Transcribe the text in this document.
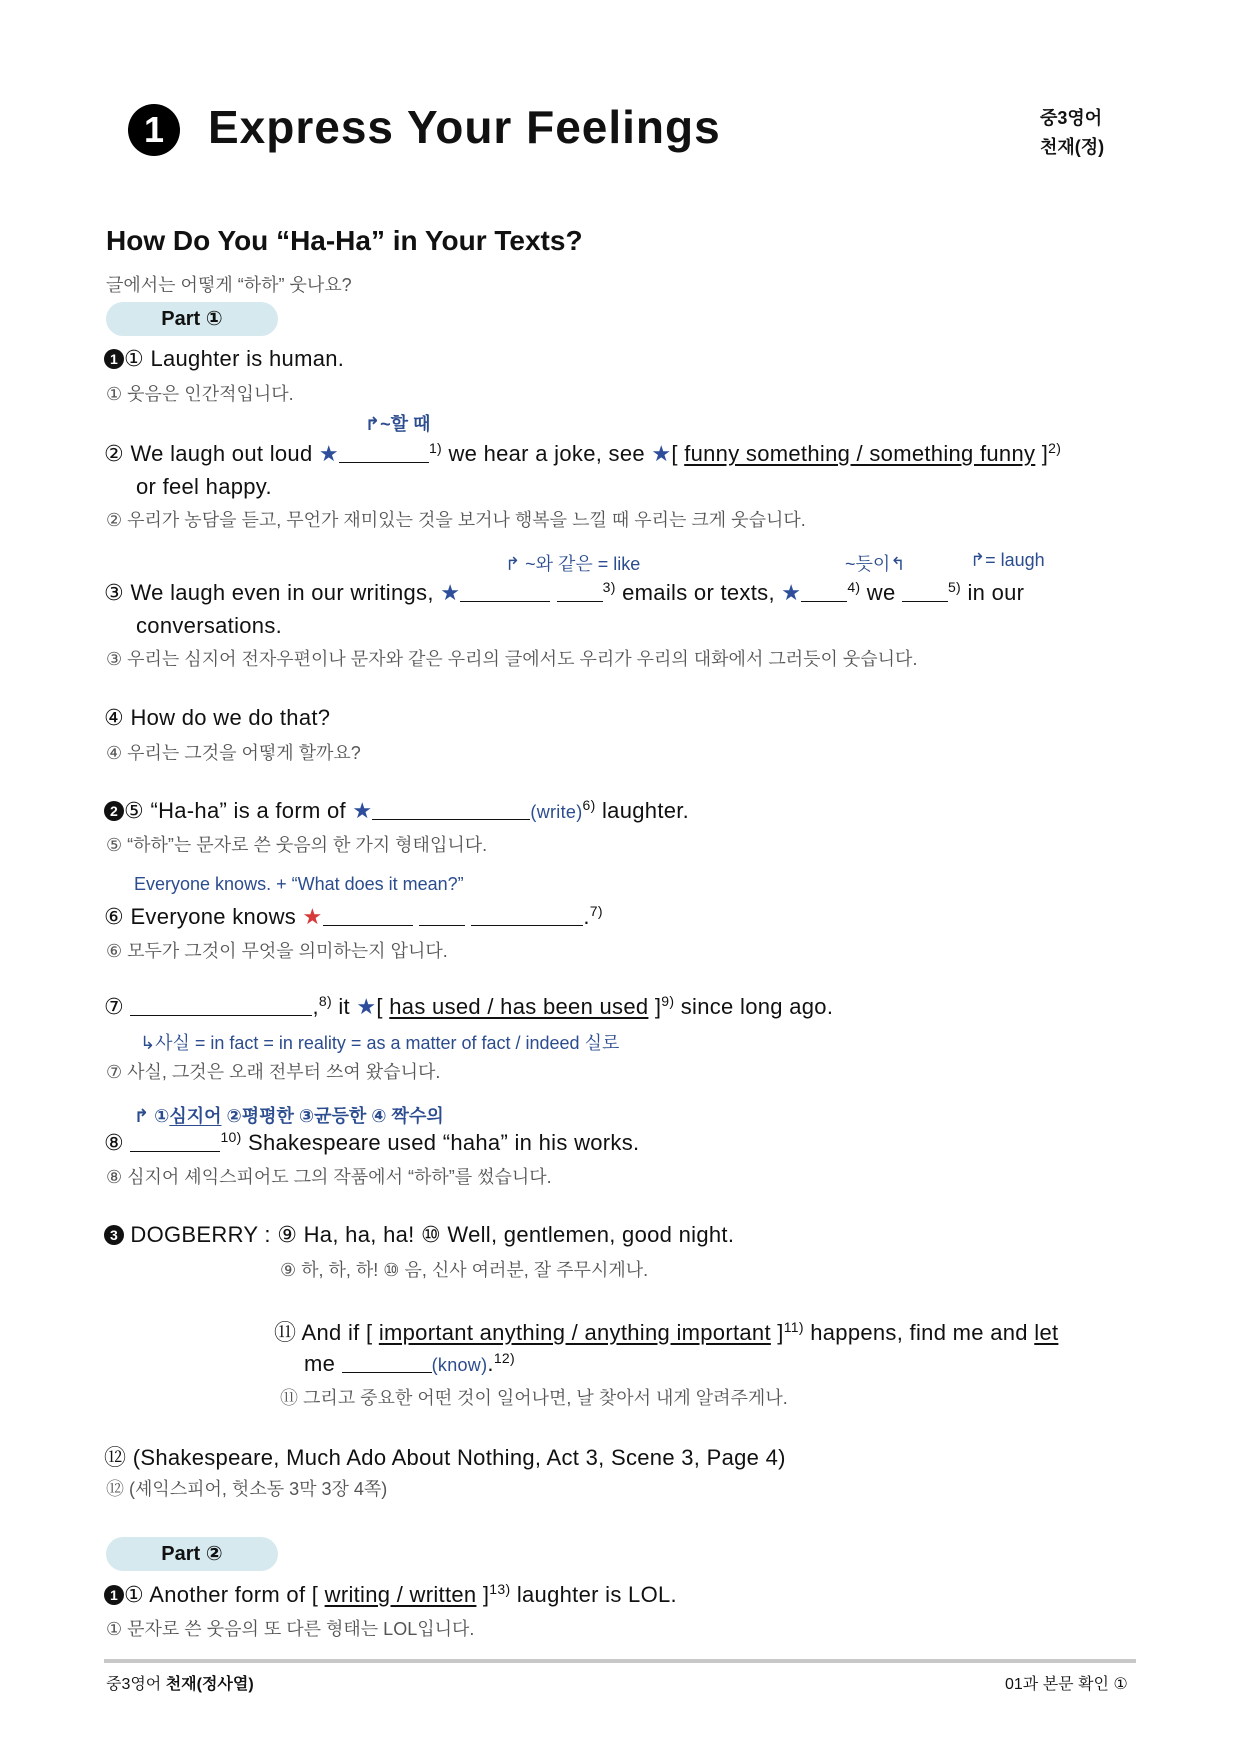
1 Express Your Feelings	중3영어
천재(정)
How Do You “Ha-Ha” in Your Texts?
글에서는 어떻게 “하하” 웃나요?
Part ①
1 ① Laughter is human.
① 웃음은 인간적입니다.
↱~할 때
② We laugh out loud ★	$^{1)}$ we hear a joke, see ★[ funny something / something funny ]$^{2)}$
or feel happy.
② 우리가 농담을 듣고, 무언가 재미있는 것을 보거나 행복을 느낄 때 우리는 크게 웃습니다.
↱ ~와 같은 = like	~듯이↰	↱= laugh
③ We laugh even in our writings, ★	$^{3)}$ emails or texts, ★	$^{4)}$ we	$^{5)}$ in our
conversations.
③ 우리는 심지어 전자우편이나 문자와 같은 우리의 글에서도 우리가 우리의 대화에서 그러듯이 웃습니다.
④ How do we do that?
④ 우리는 그것을 어떻게 할까요?
2 ⑤ “Ha-ha” is a form of ★	(write)$^{6)}$ laughter.
⑤ “하하”는 문자로 쓴 웃음의 한 가지 형태입니다.
Everyone knows. + “What does it mean?”
⑥ Everyone knows ★	.$^{7)}$
⑥ 모두가 그것이 무엇을 의미하는지 압니다.
⑦	,$^{8)}$ it ★[ has used / has been used ]$^{9)}$ since long ago.
↳사실 = in fact = in reality = as a matter of fact / indeed 실로
⑦ 사실, 그것은 오래 전부터 쓰여 왔습니다.
↱ ①심지어 ②평평한 ③균등한 ④ 짝수의
⑧	$^{10)}$ Shakespeare used “haha” in his works.
⑧ 심지어 셰익스피어도 그의 작품에서 “하하”를 썼습니다.
3 DOGBERRY : ⑨ Ha, ha, ha! ⑩ Well, gentlemen, good night.
⑨ 하, 하, 하! ⑩ 음, 신사 여러분, 잘 주무시게나.
⑪ And if [ important anything / anything important ]$^{11)}$ happens, find me and let
me	(know).$^{12)}$
⑪ 그리고 중요한 어떤 것이 일어나면, 날 찾아서 내게 알려주게나.
⑫ (Shakespeare, Much Ado About Nothing, Act 3, Scene 3, Page 4)
⑫ (셰익스피어, 헛소동 3막 3장 4쪽)
Part ②
1 ① Another form of [ writing / written ]$^{13)}$ laughter is LOL.
① 문자로 쓴 웃음의 또 다른 형태는 LOL입니다.
중3영어 천재(정사열)	01과 본문 확인 ①
